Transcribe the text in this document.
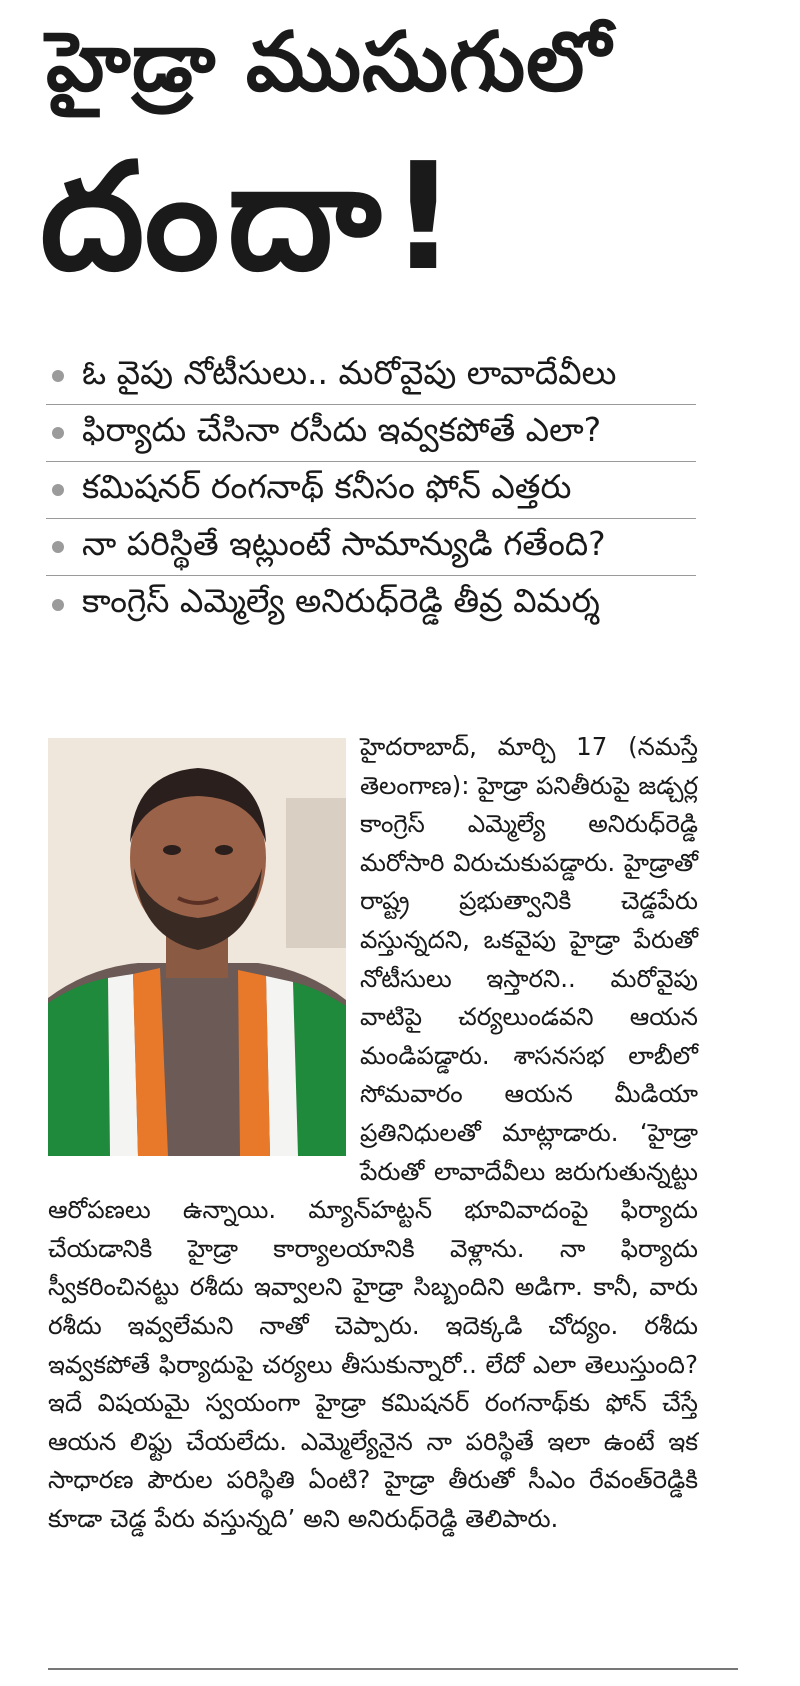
హైడ్రా ముసుగులో
దందా!
ఓ వైపు నోటీసులు.. మరోవైపు లావాదేవీలు
ఫిర్యాదు చేసినా రసీదు ఇవ్వకపోతే ఎలా?
కమిషనర్ రంగనాథ్ కనీసం ఫోన్ ఎత్తరు
నా పరిస్థితే ఇట్లుంటే సామాన్యుడి గతేంది?
కాంగ్రెస్ ఎమ్మెల్యే అనిరుధ్‌రెడ్డి తీవ్ర విమర్శ

హైదరాబాద్, మార్చి 17 (నమస్తే తెలంగాణ): హైడ్రా పనితీరుపై జడ్చర్ల కాంగ్రెస్ ఎమ్మెల్యే అనిరుధ్‌రెడ్డి మరోసారి విరుచుకుపడ్డారు. హైడ్రాతో రాష్ట్ర ప్రభుత్వానికి చెడ్డపేరు వస్తున్నదని, ఒకవైపు హైడ్రా పేరుతో నోటీసులు ఇస్తారని.. మరోవైపు వాటిపై చర్యలుండవని ఆయన మండిపడ్డారు. శాసనసభ లాబీలో సోమవారం ఆయన మీడియా ప్రతినిధులతో మాట్లాడారు. ‘హైడ్రా పేరుతో లావాదేవీలు జరుగుతున్నట్టు ఆరోపణలు ఉన్నాయి. మ్యాన్‌హట్టన్ భూవివాదంపై ఫిర్యాదు చేయడానికి హైడ్రా కార్యాలయానికి వెళ్లాను. నా ఫిర్యాదు స్వీకరించినట్టు రశీదు ఇవ్వాలని హైడ్రా సిబ్బందిని అడిగా. కానీ, వారు రశీదు ఇవ్వలేమని నాతో చెప్పారు. ఇదెక్కడి చోద్యం. రశీదు ఇవ్వకపోతే ఫిర్యాదుపై చర్యలు తీసుకున్నారో.. లేదో ఎలా తెలుస్తుంది? ఇదే విషయమై స్వయంగా హైడ్రా కమిషనర్ రంగనాథ్‌కు ఫోన్ చేస్తే ఆయన లిఫ్టు చేయలేదు. ఎమ్మెల్యేనైన నా పరిస్థితే ఇలా ఉంటే ఇక సాధారణ పౌరుల పరిస్థితి ఏంటి? హైడ్రా తీరుతో సీఎం రేవంత్‌రెడ్డికి కూడా చెడ్డ పేరు వస్తున్నది’ అని అనిరుధ్‌రెడ్డి తెలిపారు.
